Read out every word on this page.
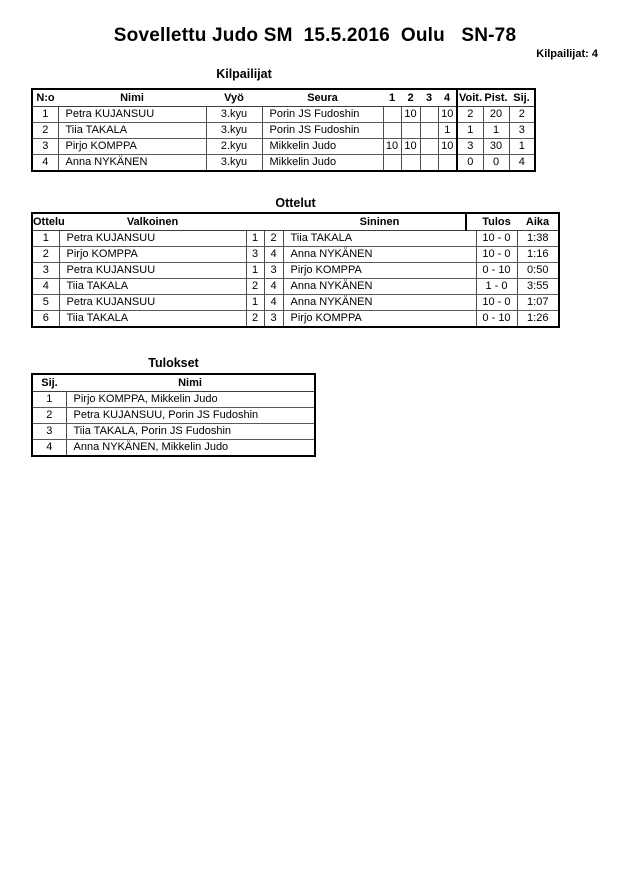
Sovellettu Judo SM  15.5.2016  Oulu   SN-78
Kilpailijat: 4
Kilpailijat
N:o	Nimi	Vyö	Seura	1	2	3	4	Voit.	Pist.	Sij.
1	Petra KUJANSUU	3.kyu	Porin JS Fudoshin		10		10	2	20	2
2	Tiia TAKALA	3.kyu	Porin JS Fudoshin				1	1	1	3
3	Pirjo KOMPPA	2.kyu	Mikkelin Judo	10	10		10	3	30	1
4	Anna NYKÄNEN	3.kyu	Mikkelin Judo					0	0	4
Ottelut
Ottelu	Valkoinen			Sininen	Tulos	Aika
1	Petra KUJANSUU	1	2	Tiia TAKALA	10 - 0	1:38
2	Pirjo KOMPPA	3	4	Anna NYKÄNEN	10 - 0	1:16
3	Petra KUJANSUU	1	3	Pirjo KOMPPA	0 - 10	0:50
4	Tiia TAKALA	2	4	Anna NYKÄNEN	1 - 0	3:55
5	Petra KUJANSUU	1	4	Anna NYKÄNEN	10 - 0	1:07
6	Tiia TAKALA	2	3	Pirjo KOMPPA	0 - 10	1:26
Tulokset
Sij.	Nimi
1	Pirjo KOMPPA, Mikkelin Judo
2	Petra KUJANSUU, Porin JS Fudoshin
3	Tiia TAKALA, Porin JS Fudoshin
4	Anna NYKÄNEN, Mikkelin Judo
